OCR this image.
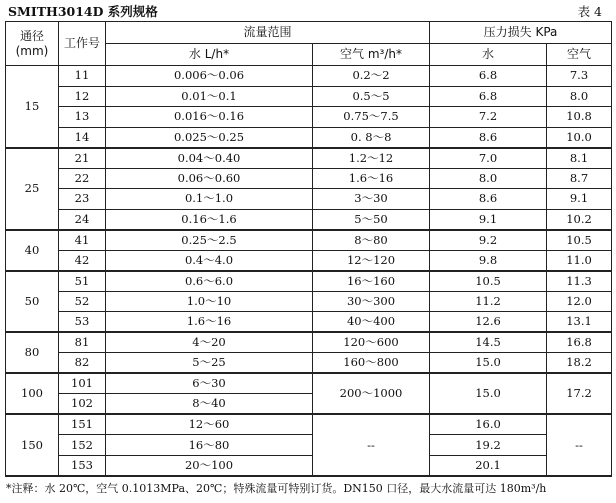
SMITH3014D 系列规格	表 4
通径
(mm)	工作号	流量范围		压力损失 KPa	
		水 L/h*	空气 m³/h*	水	空气
15	11	0.006～0.06	0.2～2	6.8	7.3
	12	0.01～0.1	0.5～5	6.8	8.0
	13	0.016～0.16	0.75～7.5	7.2	10.8
	14	0.025～0.25	0. 8～8	8.6	10.0
25	21	0.04～0.40	1.2～12	7.0	8.1
	22	0.06～0.60	1.6～16	8.0	8.7
	23	0.1～1.0	3～30	8.6	9.1
	24	0.16～1.6	5～50	9.1	10.2
40	41	0.25～2.5	8～80	9.2	10.5
	42	0.4～4.0	12～120	9.8	11.0
50	51	0.6～6.0	16～160	10.5	11.3
	52	1.0～10	30～300	11.2	12.0
	53	1.6～16	40～400	12.6	13.1
80	81	4～20	120～600	14.5	16.8
	82	5～25	160～800	15.0	18.2
100	101	6～30	200～1000	15.0	17.2
	102	8～40			
150	151	12～60	--	16.0	--
	152	16～80		19.2	
	153	20～100		20.1	
*注释：水 20℃，空气 0.1013MPa、20℃；特殊流量可特别订货。DN150 口径，最大水流量可达 180m³/h
